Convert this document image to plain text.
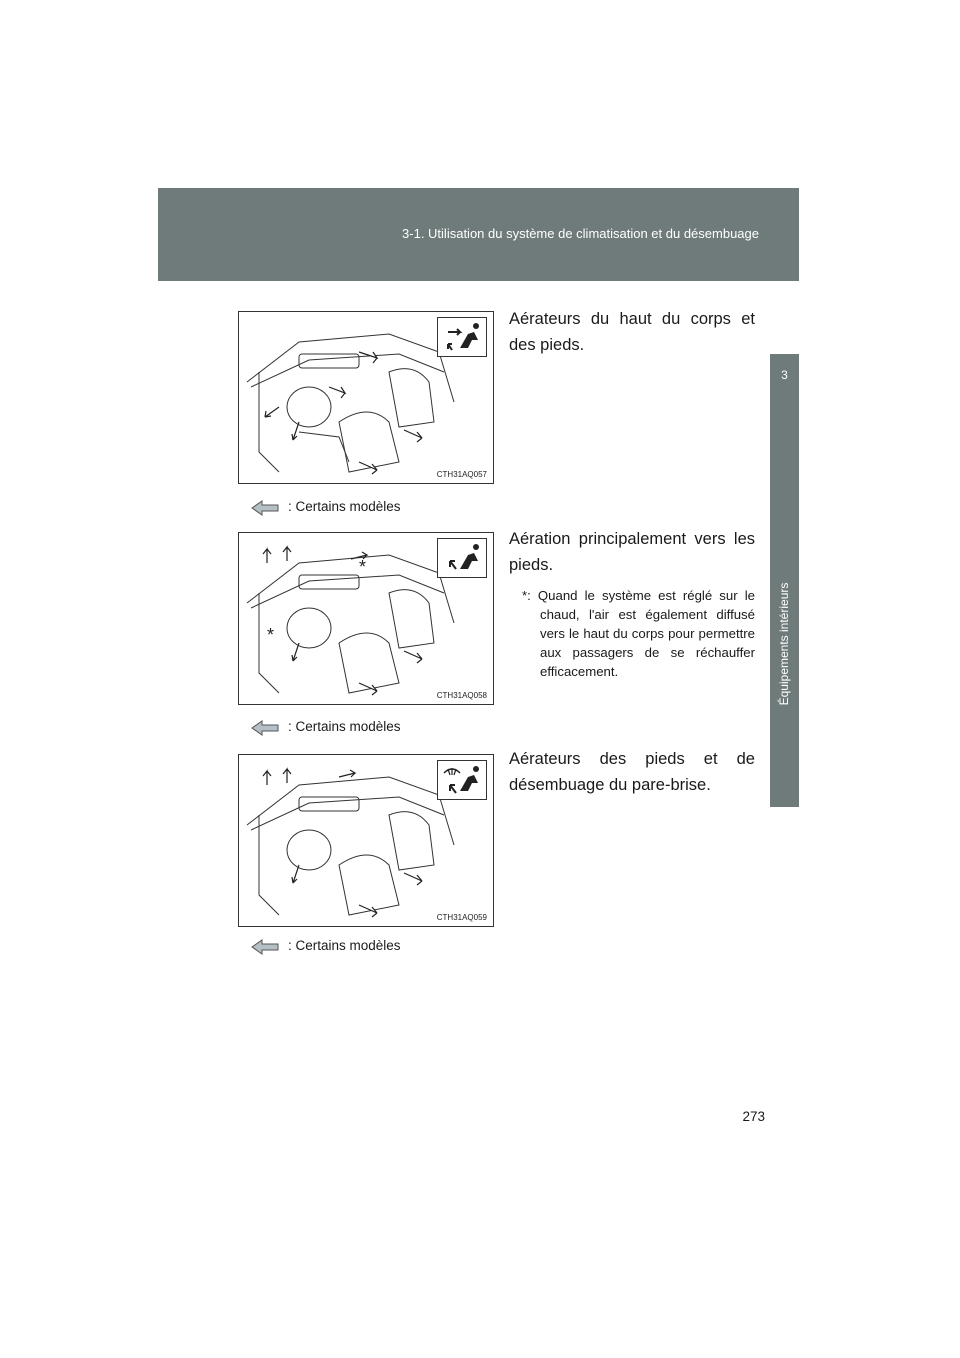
3-1. Utilisation du système de climatisation et du désembuage
3
Équipements intérieurs
CTH31AQ057
: Certains modèles
Aérateurs du haut du corps et des pieds.
*
*
CTH31AQ058
: Certains modèles
Aération principalement vers les pieds.
*: Quand le système est réglé sur le chaud, l'air est également diffusé vers le haut du corps pour permettre aux passagers de se réchauffer efficacement.
CTH31AQ059
: Certains modèles
Aérateurs des pieds et de désembuage du pare-brise.
273
